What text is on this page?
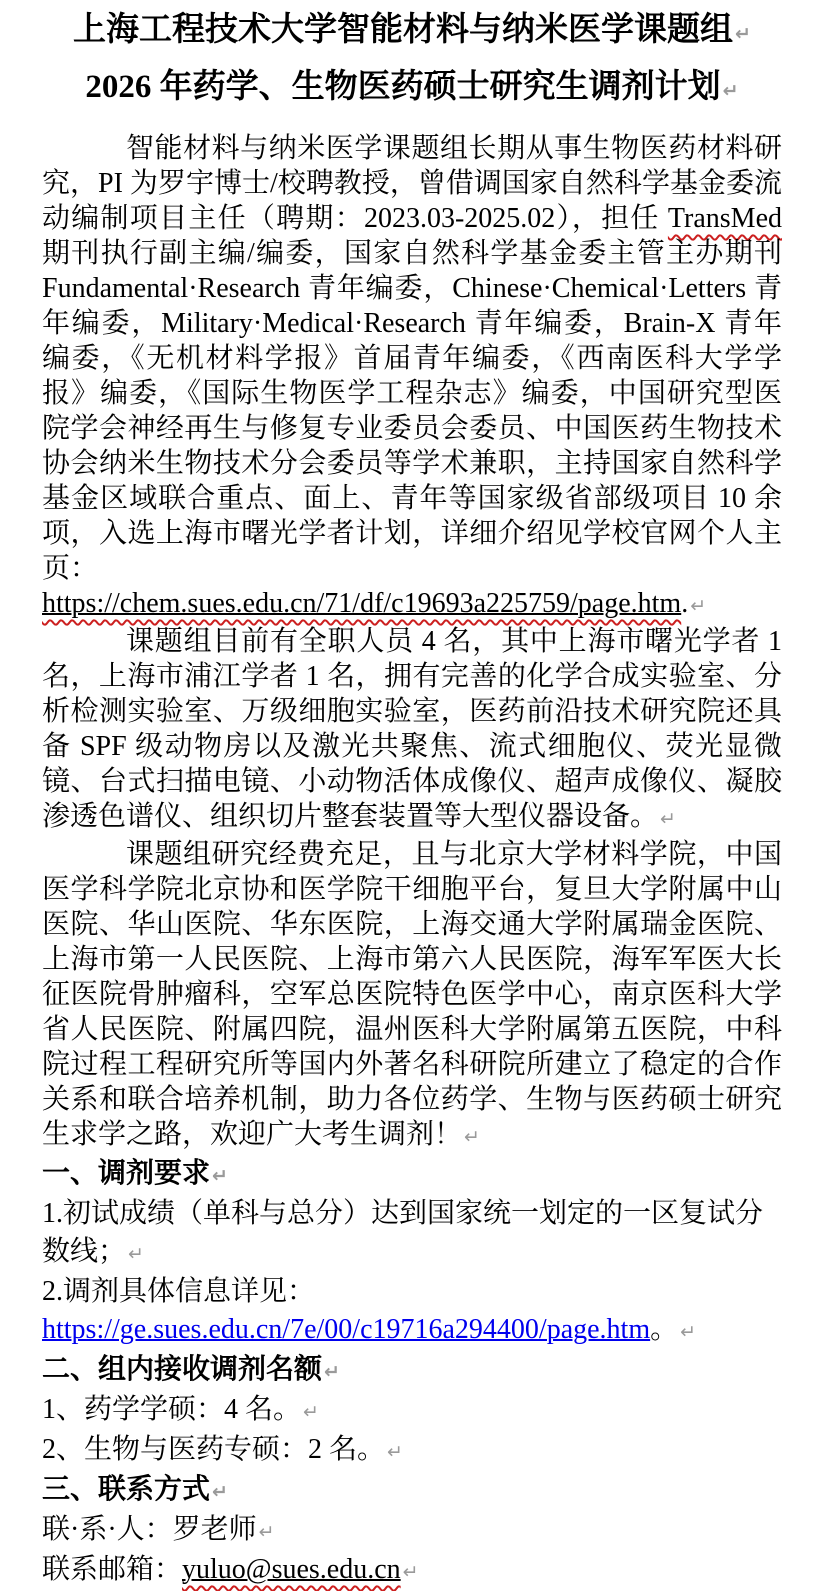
上海工程技术大学智能材料与纳米医学课题组 ↵
2026 年药学、生物医药硕士研究生调剂计划 ↵

智能材料与纳米医学课题组长期从事生物医药材料研究，PI 为罗宇博士/校聘教授，曾借调国家自然科学基金委流动编制项目主任（聘期：2023.03-2025.02），担任 TransMed 期刊执行副主编/编委，国家自然科学基金委主管主办期刊 Fundamental·Research 青年编委，Chinese·Chemical·Letters 青年编委，Military·Medical·Research 青年编委，Brain-X 青年编委，《无机材料学报》首届青年编委，《西南医科大学学报》编委，《国际生物医学工程杂志》编委，中国研究型医院学会神经再生与修复专业委员会委员、中国医药生物技术协会纳米生物技术分会委员等学术兼职，主持国家自然科学基金区域联合重点、面上、青年等国家级省部级项目 10 余项，入选上海市曙光学者计划，详细介绍见学校官网个人主页：

https://chem.sues.edu.cn/71/df/c19693a225759/page.htm. ↵

课题组目前有全职人员 4 名，其中上海市曙光学者 1 名，上海市浦江学者 1 名，拥有完善的化学合成实验室、分析检测实验室、万级细胞实验室，医药前沿技术研究院还具备 SPF 级动物房以及激光共聚焦、流式细胞仪、荧光显微镜、台式扫描电镜、小动物活体成像仪、超声成像仪、凝胶渗透色谱仪、组织切片整套装置等大型仪器设备。 ↵

课题组研究经费充足，且与北京大学材料学院，中国医学科学院北京协和医学院干细胞平台，复旦大学附属中山医院、华山医院、华东医院，上海交通大学附属瑞金医院、上海市第一人民医院、上海市第六人民医院，海军军医大长征医院骨肿瘤科，空军总医院特色医学中心，南京医科大学省人民医院、附属四院，温州医科大学附属第五医院，中科院过程工程研究所等国内外著名科研院所建立了稳定的合作关系和联合培养机制，助力各位药学、生物与医药硕士研究生求学之路，欢迎广大考生调剂！ ↵

一、调剂要求 ↵
1.初试成绩（单科与总分）达到国家统一划定的一区复试分数线； ↵
2.调剂具体信息详见：https://ge.sues.edu.cn/7e/00/c19716a294400/page.htm。 ↵
二、组内接收调剂名额 ↵
1、药学学硕：4 名。 ↵
2、生物与医药专硕：2 名。 ↵
三、联系方式 ↵
联·系·人：罗老师 ↵
联系邮箱：yuluo@sues.edu.cn ↵
